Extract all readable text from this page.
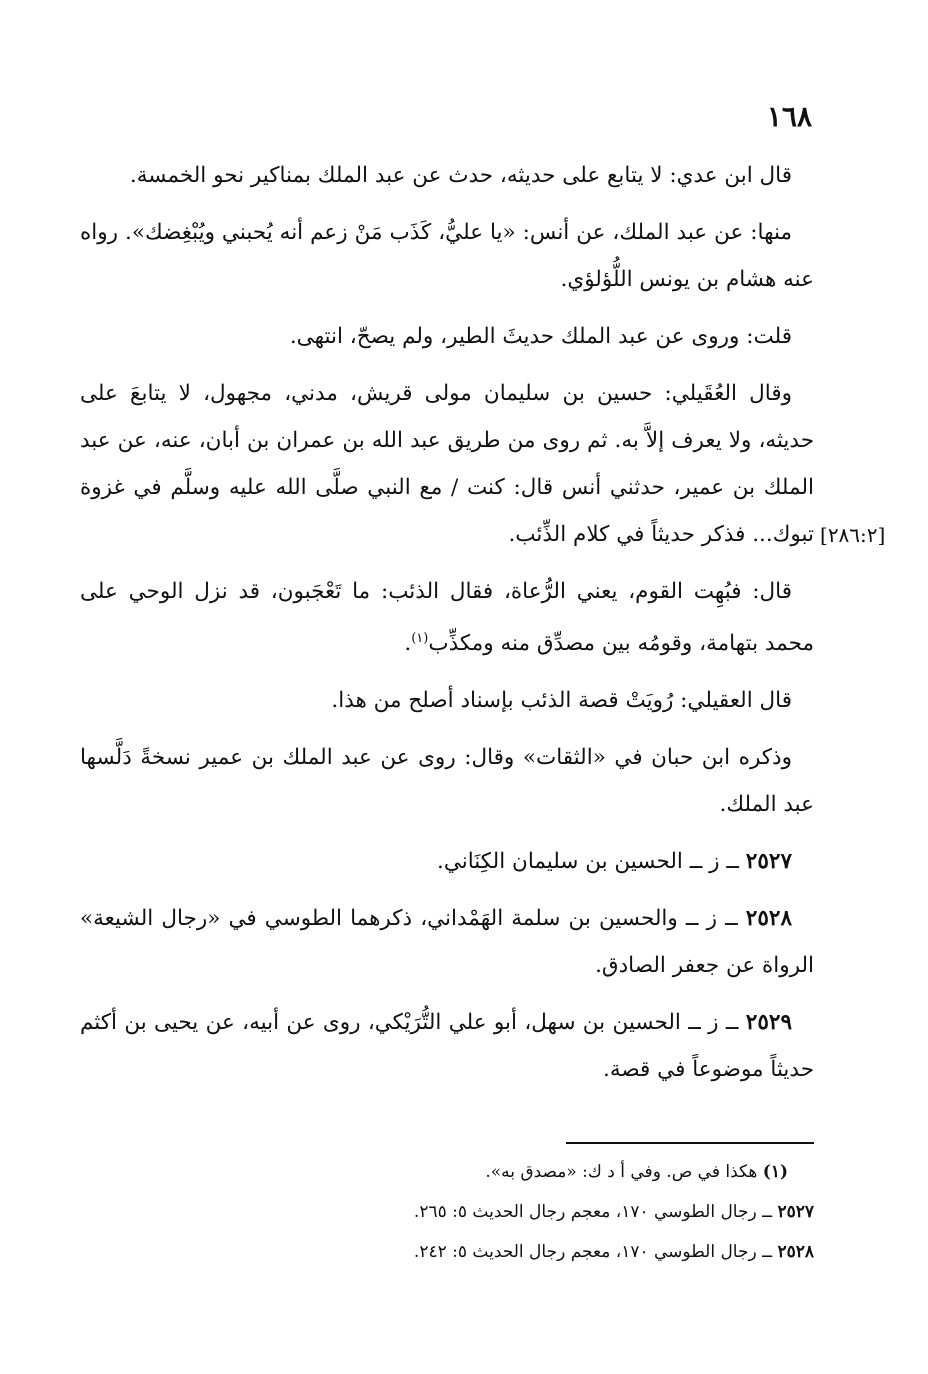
١٦٨
[٢٨٦:٢]

قال ابن عدي: لا يتابع على حديثه، حدث عن عبد الملك بمناكير نحو الخمسة.

منها: عن عبد الملك، عن أنس: «يا عليُّ، كَذَب مَنْ زعم أنه يُحبني ويُبْغِضك». رواه عنه هشام بن يونس اللُّؤلؤي.

قلت: وروى عن عبد الملك حديثَ الطير، ولم يصحّ، انتهى.

وقال العُقَيلي: حسين بن سليمان مولى قريش، مدني، مجهول، لا يتابعَ على حديثه، ولا يعرف إلاَّ به. ثم روى من طريق عبد الله بن عمران بن أبان، عنه، عن عبد الملك بن عمير، حدثني أنس قال: كنت / مع النبي صلَّى الله عليه وسلَّم في غزوة تبوك... فذكر حديثاً في كلام الذِّئب.

قال: فبُهِت القوم، يعني الرُّعاة، فقال الذئب: ما تَعْجَبون، قد نزل الوحي على محمد بتهامة، وقومُه بين مصدِّق منه ومكذِّب$^{(١)}$.

قال العقيلي: رُويَتْ قصة الذئب بإسناد أصلح من هذا.

وذكره ابن حبان في «الثقات» وقال: روى عن عبد الملك بن عمير نسخةً دَلَّسها عبد الملك.

٢٥٢٧ ــ ز ــ الحسين بن سليمان الكِنَاني.

٢٥٢٨ ــ ز ــ والحسين بن سلمة الهَمْداني، ذكرهما الطوسي في «رجال الشيعة» الرواة عن جعفر الصادق.

٢٥٢٩ ــ ز ــ الحسين بن سهل، أبو علي التُّرَيْكي، روى عن أبيه، عن يحيى بن أكثم حديثاً موضوعاً في قصة.

(١) هكذا في ص. وفي أ د ك: «مصدق به».

٢٥٢٧ ــ رجال الطوسي ١٧٠، معجم رجال الحديث ٥: ٢٦٥.

٢٥٢٨ ــ رجال الطوسي ١٧٠، معجم رجال الحديث ٥: ٢٤٢.
